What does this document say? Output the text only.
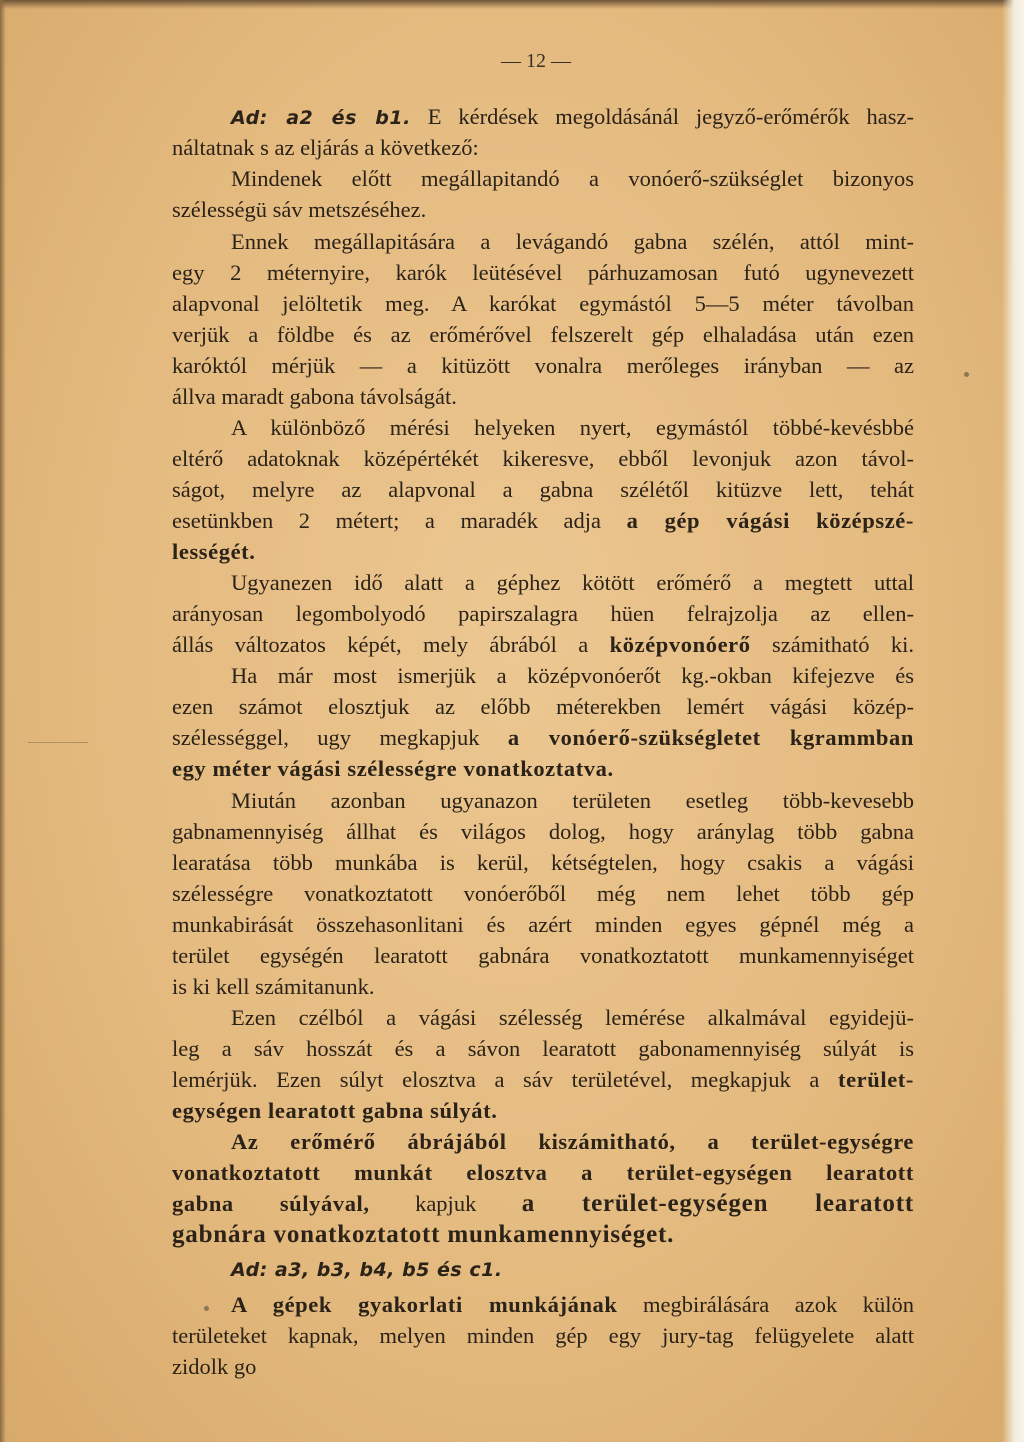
— 12 —
Ad: a2 és b1. E kérdések megoldásánál jegyző-erőmérők hasz-
náltatnak s az eljárás a következő:
Mindenek előtt megállapitandó a vonóerő-szükséglet bizonyos
szélességü sáv metszéséhez.
Ennek megállapitására a levágandó gabna szélén, attól mint-
egy 2 méternyire, karók leütésével párhuzamosan futó ugynevezett
alapvonal jelöltetik meg. A karókat egymástól 5—5 méter távolban
verjük a földbe és az erőmérővel felszerelt gép elhaladása után ezen
karóktól mérjük — a kitüzött vonalra merőleges irányban — az
állva maradt gabona távolságát.
A különböző mérési helyeken nyert, egymástól többé-kevésbbé
eltérő adatoknak középértékét kikeresve, ebből levonjuk azon távol-
ságot, melyre az alapvonal a gabna szélétől kitüzve lett, tehát
esetünkben 2 métert; a maradék adja a gép vágási középszé-
lességét.
Ugyanezen idő alatt a géphez kötött erőmérő a megtett uttal
arányosan legombolyodó papirszalagra hüen felrajzolja az ellen-
állás változatos képét, mely ábrából a középvonóerő számitható ki.
Ha már most ismerjük a középvonóerőt kg.-okban kifejezve és
ezen számot elosztjuk az előbb méterekben lemért vágási közép-
szélességgel, ugy megkapjuk a vonóerő-szükségletet kgrammban
egy méter vágási szélességre vonatkoztatva.
Miután azonban ugyanazon területen esetleg több-kevesebb
gabnamennyiség állhat és világos dolog, hogy aránylag több gabna
learatása több munkába is kerül, kétségtelen, hogy csakis a vágási
szélességre vonatkoztatott vonóerőből még nem lehet több gép
munkabirását összehasonlitani és azért minden egyes gépnél még a
terület egységén learatott gabnára vonatkoztatott munkamennyiséget
is ki kell számitanunk.
Ezen czélból a vágási szélesség lemérése alkalmával egyidejü-
leg a sáv hosszát és a sávon learatott gabonamennyiség súlyát is
lemérjük. Ezen súlyt elosztva a sáv területével, megkapjuk a terület-
egységen learatott gabna súlyát.
Az erőmérő ábrájából kiszámitható, a terület-egységre
vonatkoztatott munkát elosztva a terület-egységen learatott
gabna súlyával, kapjuk a terület-egységen learatott
gabnára vonatkoztatott munkamennyiséget.
Ad: a3, b3, b4, b5 és c1.
A gépek gyakorlati munkájának megbirálására azok külön
területeket kapnak, melyen minden gép egy jury-tag felügyelete alatt
zidolk go
